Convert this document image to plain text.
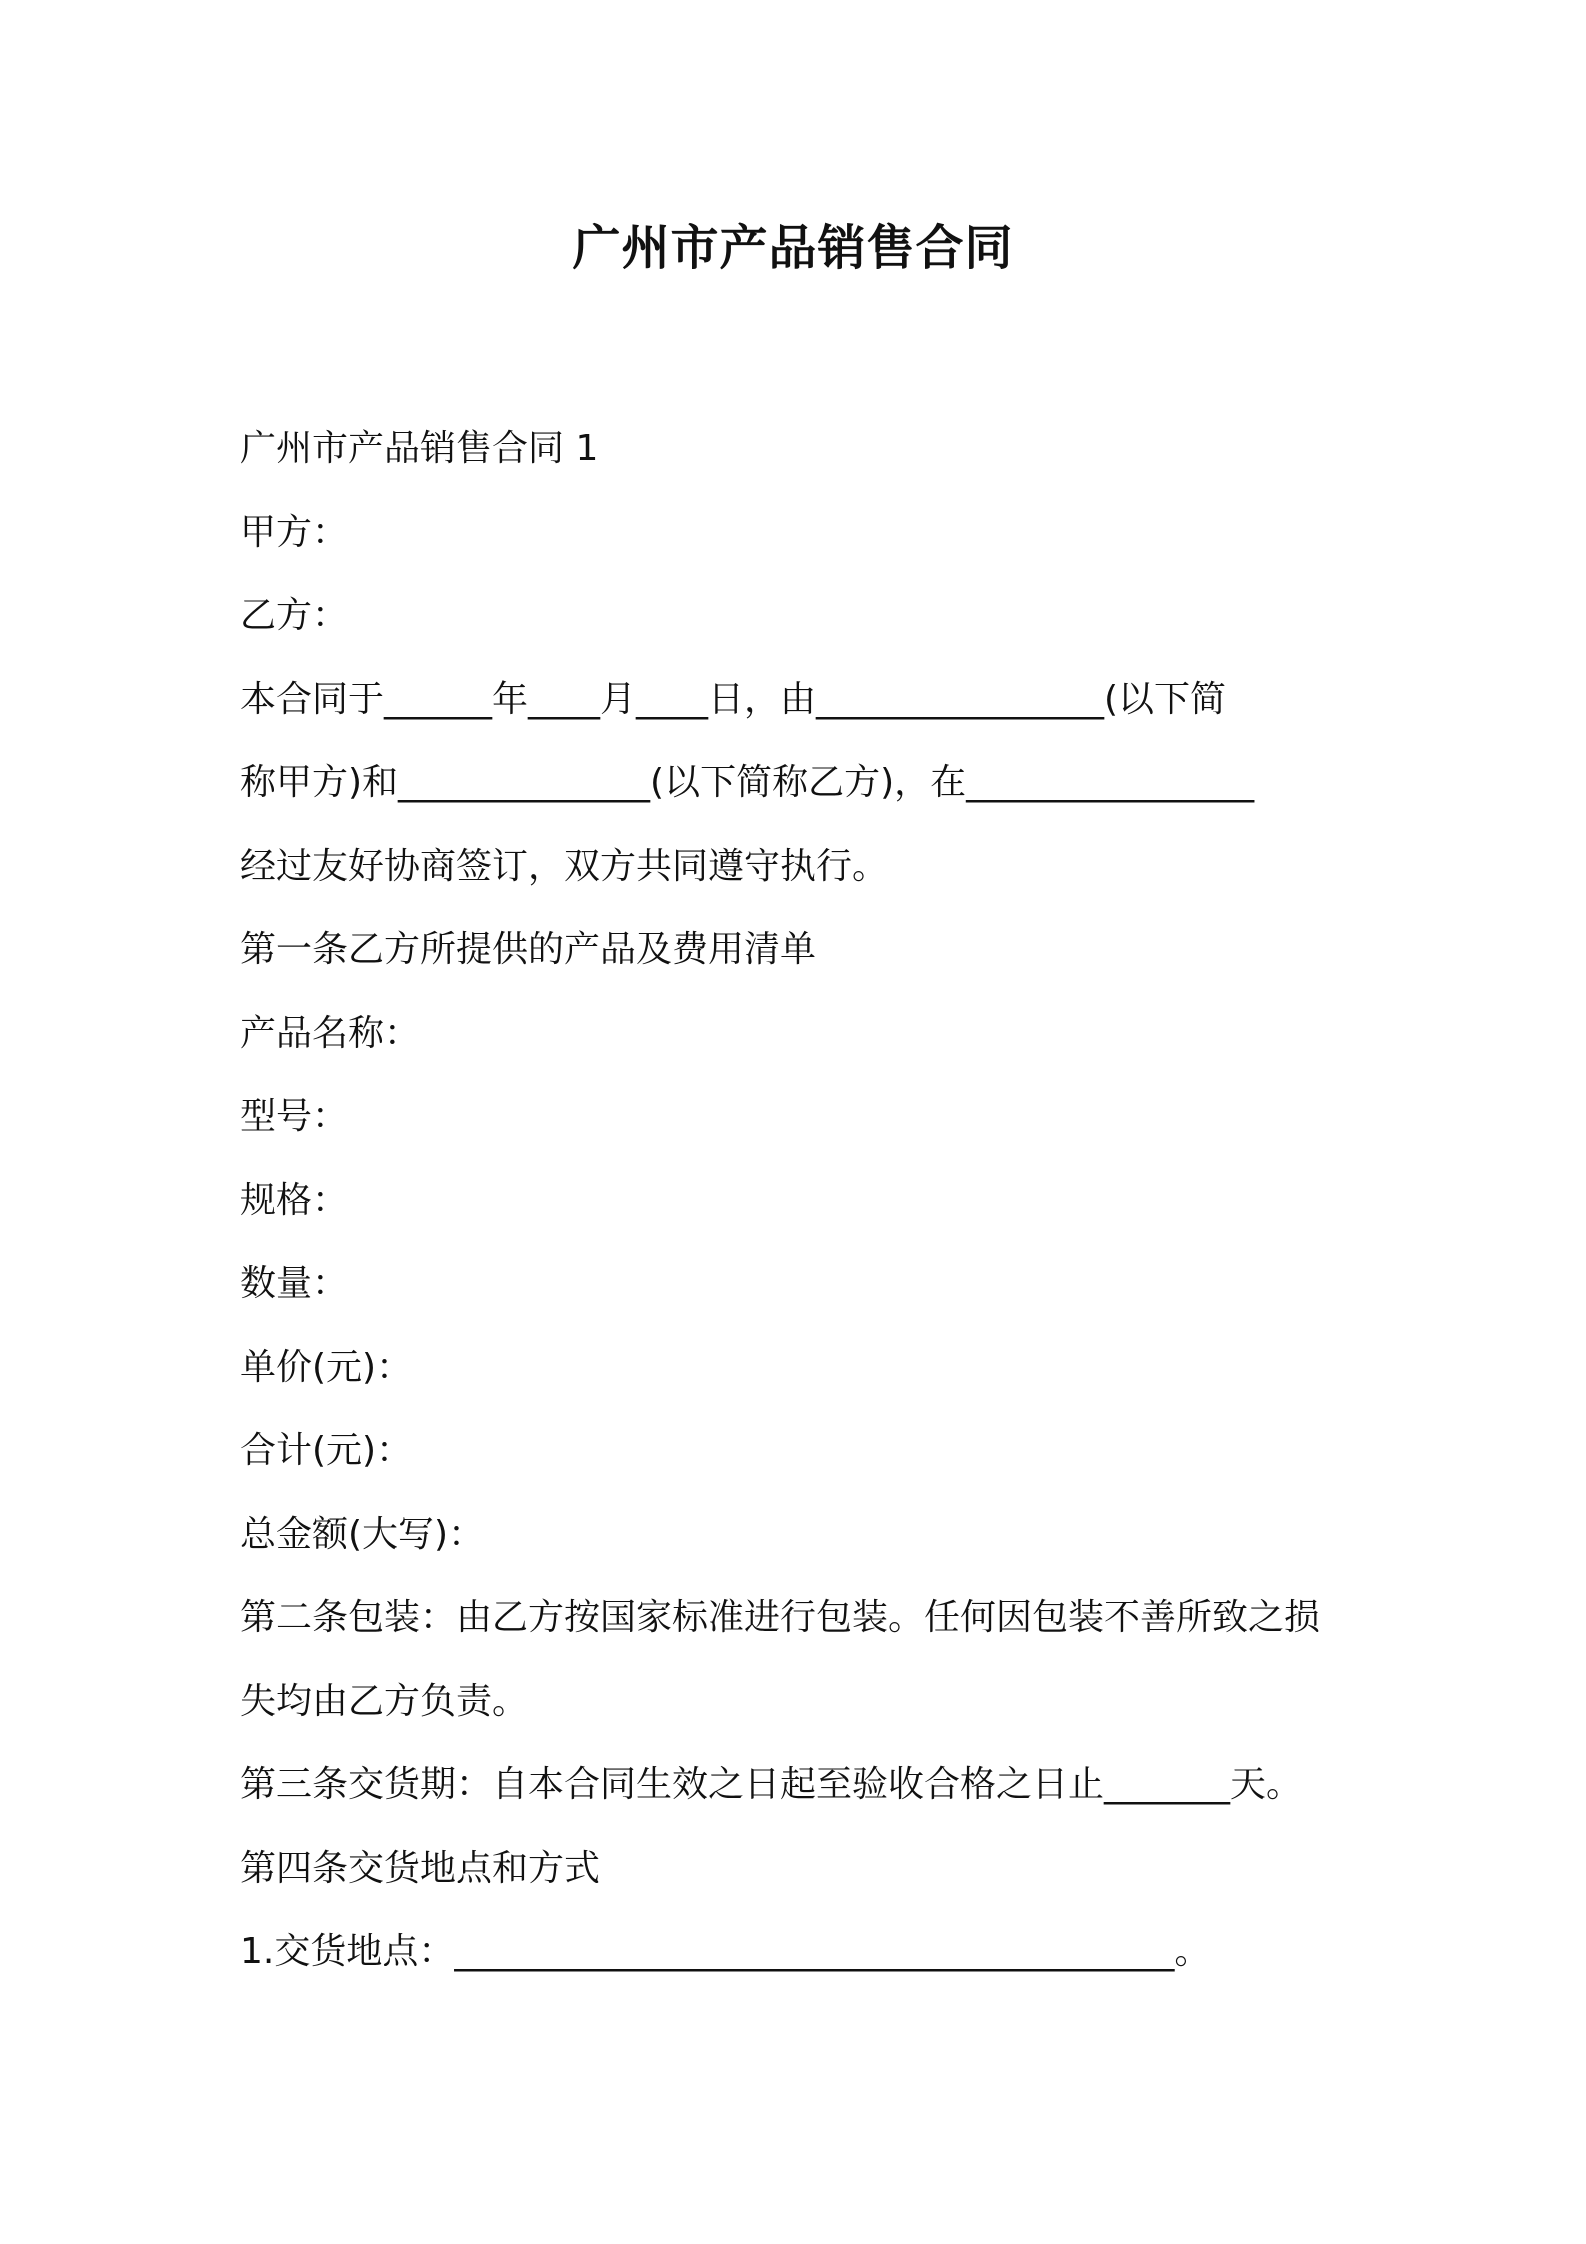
广州市产品销售合同
广州市产品销售合同 1
甲方：
乙方：
本合同于______年____月____日，由________________(以下简
称甲方)和______________(以下简称乙方)，在________________
经过友好协商签订，双方共同遵守执行。
第一条乙方所提供的产品及费用清单
产品名称：
型号：
规格：
数量：
单价(元)：
合计(元)：
总金额(大写)：
第二条包装：由乙方按国家标准进行包装。任何因包装不善所致之损
失均由乙方负责。
第三条交货期：自本合同生效之日起至验收合格之日止_______天。
第四条交货地点和方式
1.交货地点：________________________________________。
